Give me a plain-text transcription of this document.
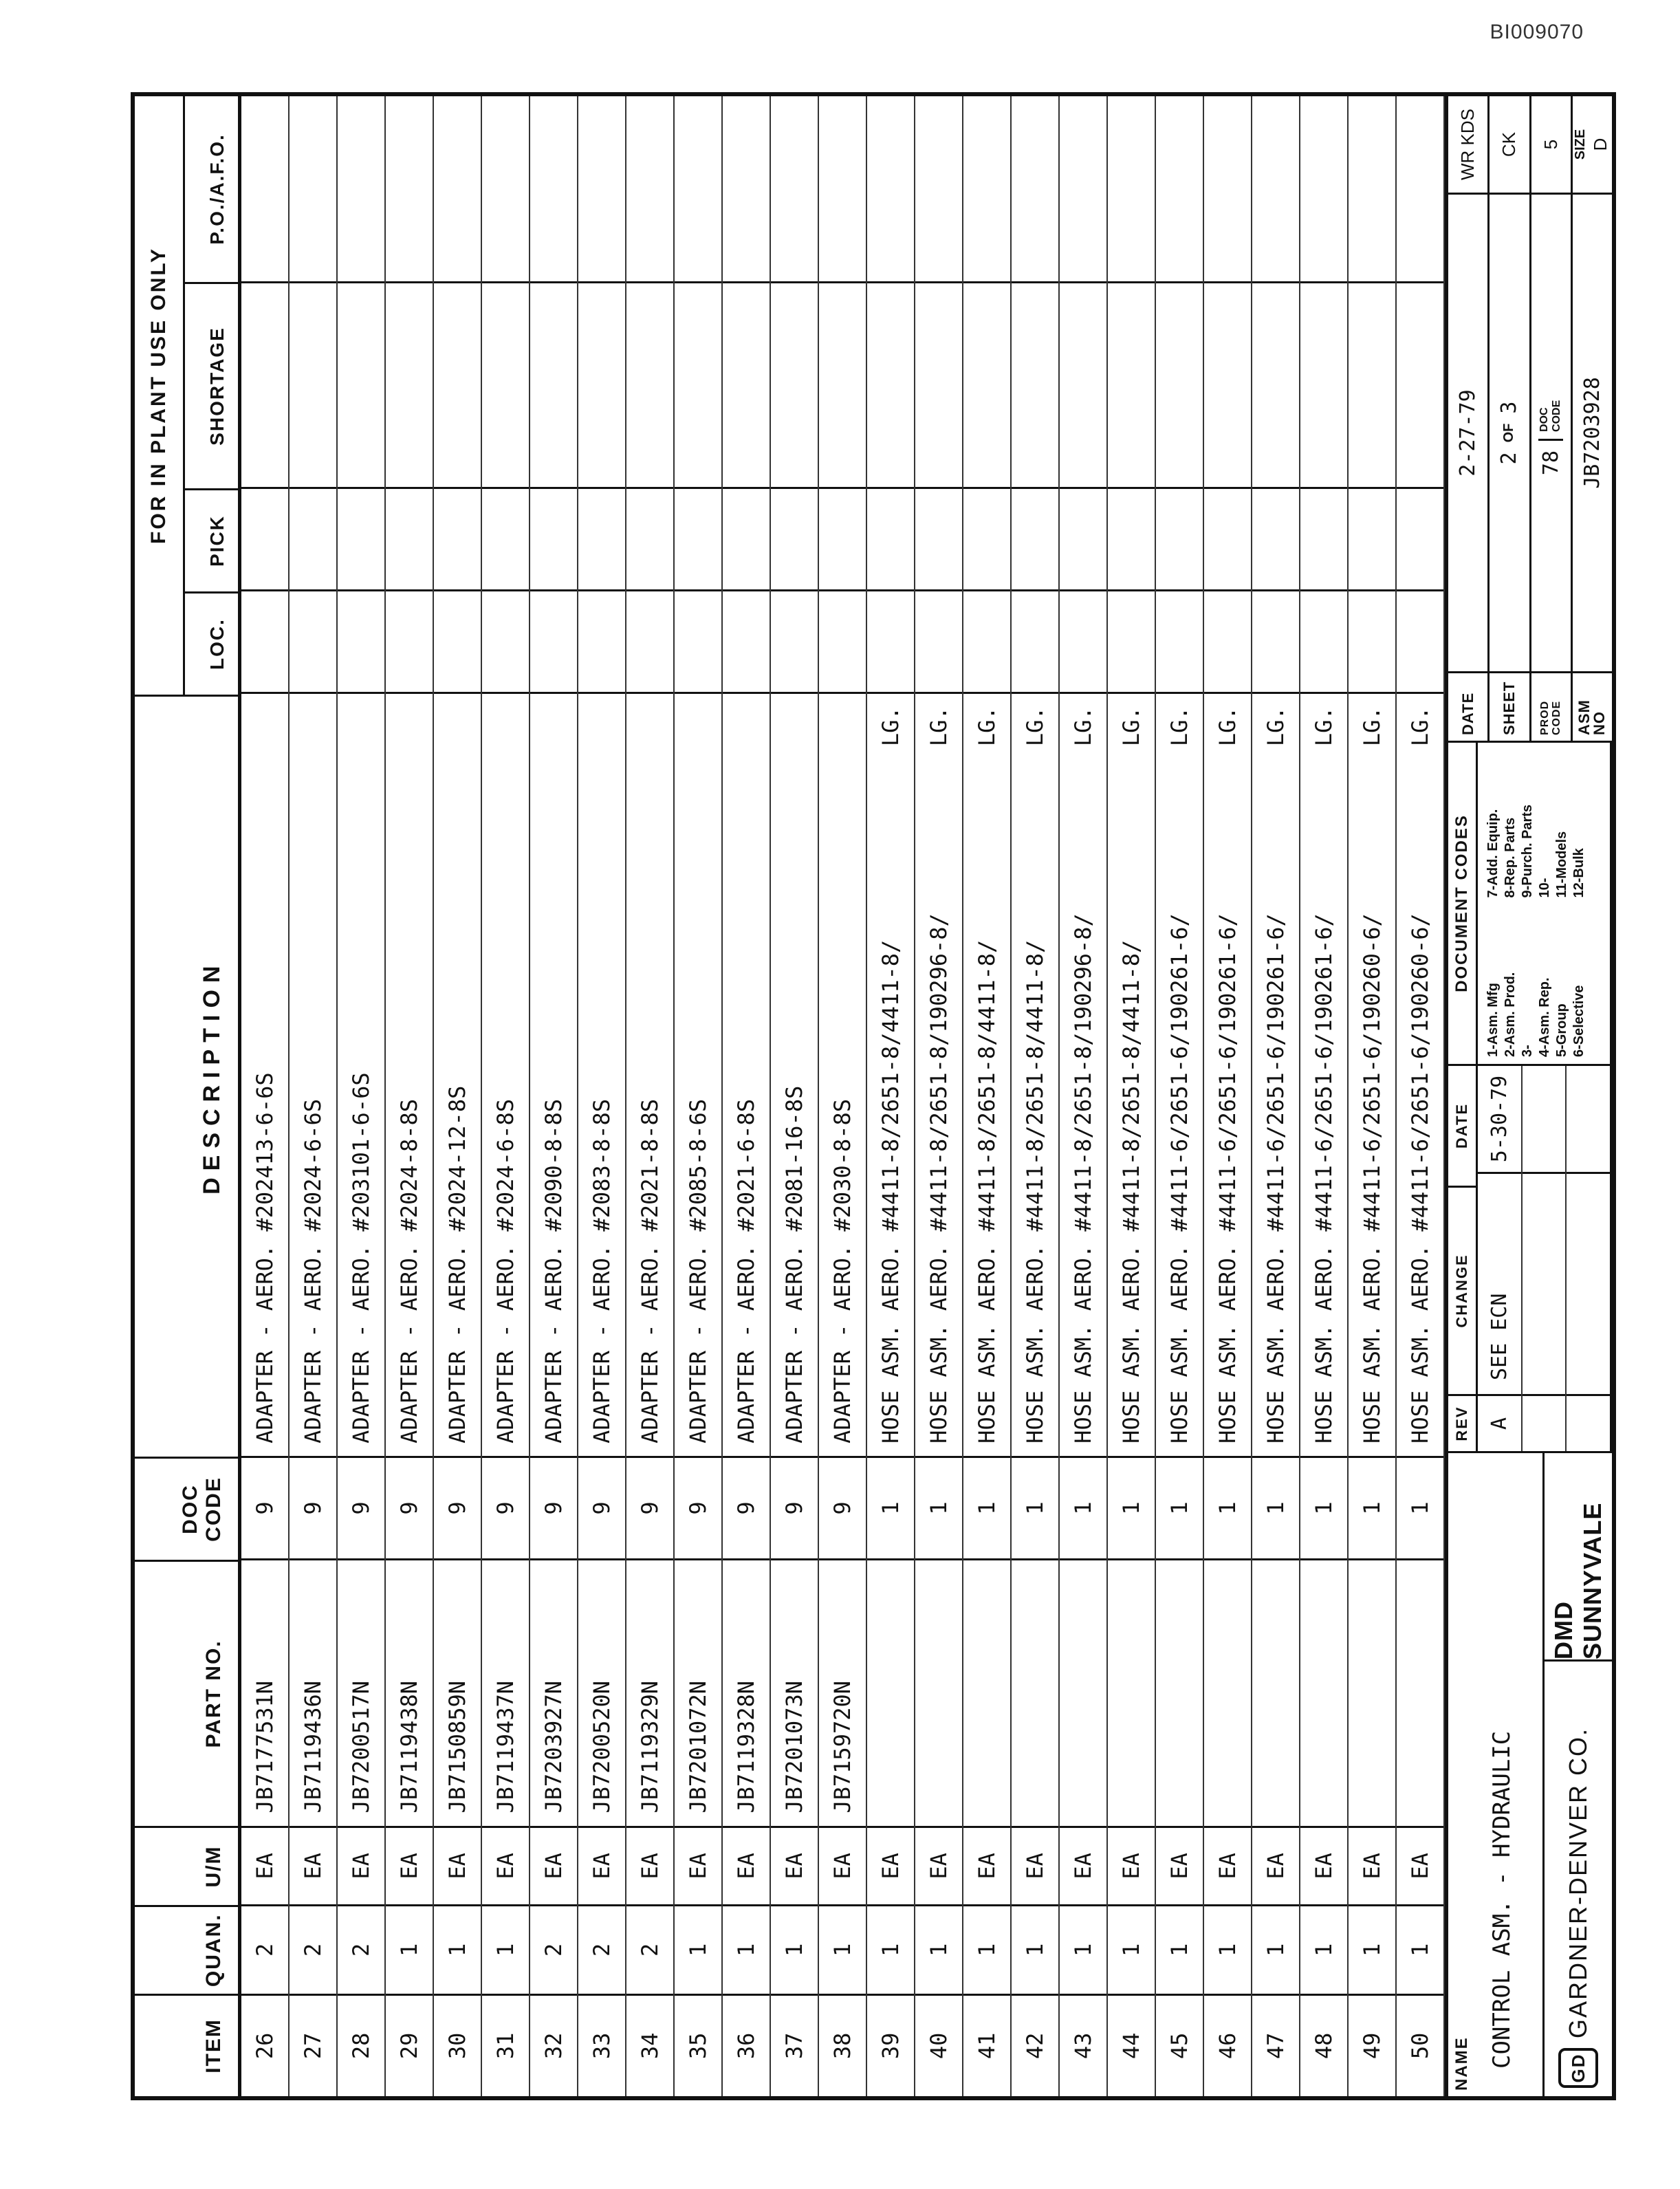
BI009070
ITEM
QUAN.
U/M
PART NO.
DOC CODE
DESCRIPTION
FOR IN PLANT USE ONLY
LOC.
PICK
SHORTAGE
P.O./A.F.O.
26
2
EA
JB7177531N
9
ADAPTER - AERO. #202413-6-6S
27
2
EA
JB7119436N
9
ADAPTER - AERO. #2024-6-6S
28
2
EA
JB7200517N
9
ADAPTER - AERO. #203101-6-6S
29
1
EA
JB7119438N
9
ADAPTER - AERO. #2024-8-8S
30
1
EA
JB7150859N
9
ADAPTER - AERO. #2024-12-8S
31
1
EA
JB7119437N
9
ADAPTER - AERO. #2024-6-8S
32
2
EA
JB7203927N
9
ADAPTER - AERO. #2090-8-8S
33
2
EA
JB7200520N
9
ADAPTER - AERO. #2083-8-8S
34
2
EA
JB7119329N
9
ADAPTER - AERO. #2021-8-8S
35
1
EA
JB7201072N
9
ADAPTER - AERO. #2085-8-6S
36
1
EA
JB7119328N
9
ADAPTER - AERO. #2021-6-8S
37
1
EA
JB7201073N
9
ADAPTER - AERO. #2081-16-8S
38
1
EA
JB7159720N
9
ADAPTER - AERO. #2030-8-8S
39
1
EA
1
HOSE ASM. AERO. #4411-8/2651-8/4411-8/
LG.
40
1
EA
1
HOSE ASM. AERO. #4411-8/2651-8/190296-8/
LG.
41
1
EA
1
HOSE ASM. AERO. #4411-8/2651-8/4411-8/
LG.
42
1
EA
1
HOSE ASM. AERO. #4411-8/2651-8/4411-8/
LG.
43
1
EA
1
HOSE ASM. AERO. #4411-8/2651-8/190296-8/
LG.
44
1
EA
1
HOSE ASM. AERO. #4411-8/2651-8/4411-8/
LG.
45
1
EA
1
HOSE ASM. AERO. #4411-6/2651-6/190261-6/
LG.
46
1
EA
1
HOSE ASM. AERO. #4411-6/2651-6/190261-6/
LG.
47
1
EA
1
HOSE ASM. AERO. #4411-6/2651-6/190261-6/
LG.
48
1
EA
1
HOSE ASM. AERO. #4411-6/2651-6/190261-6/
LG.
49
1
EA
1
HOSE ASM. AERO. #4411-6/2651-6/190260-6/
LG.
50
1
EA
1
HOSE ASM. AERO. #4411-6/2651-6/190260-6/
LG.
NAME CONTROL ASM. - HYDRAULIC	GD
GARDNER-DENVER CO.
DMD SUNNYVALE
REV
CHANGE
DATE
A
SEE ECN
5-30-79
DOCUMENT CODES
1-Asm. Mfg 2-Asm. Prod. 3- 4-Asm. Rep. 5-Group 6-Selective
7-Add. Equip. 8-Rep. Parts 9-Purch. Parts 10- 11-Models 12-Bulk
DATE
2-27-79
WR KDS
SHEET
2
OF
3
CK
PROD CODE
78
DOC CODE
5
ASM NO
JB7203928
SIZE D
